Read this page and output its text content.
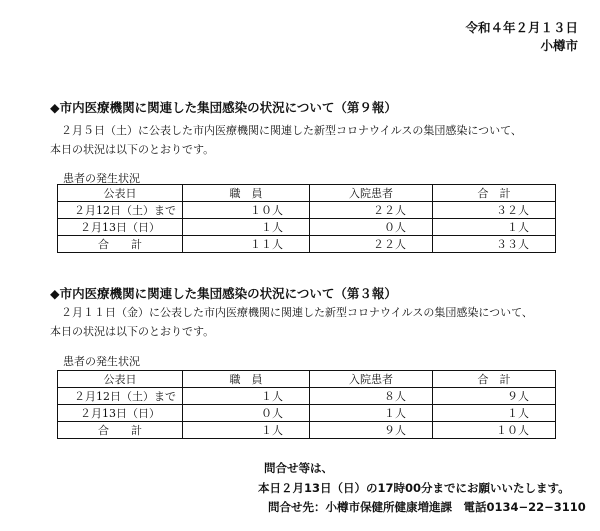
令和４年２月１３日
小樽市
◆市内医療機関に関連した集団感染の状況について（第９報）
　２月５日（土）に公表した市内医療機関に関連した新型コロナウイルスの集団感染について、
本日の状況は以下のとおりです。
患者の発生状況
公表日	職　員	入院患者	合　計
２月12日（土）まで	１０人	２２人	３２人
２月13日（日）	１人	０人	１人
合　　計	１１人	２２人	３３人
◆市内医療機関に関連した集団感染の状況について（第３報）
　２月１１日（金）に公表した市内医療機関に関連した新型コロナウイルスの集団感染について、
本日の状況は以下のとおりです。
患者の発生状況
公表日	職　員	入院患者	合　計
２月12日（土）まで	１人	８人	９人
２月13日（日）	０人	１人	１人
合　　計	１人	９人	１０人
問合せ等は、
本日２月13日（日）の17時00分までにお願いいたします。
問合せ先：小樽市保健所健康増進課　電話0134−22−3110
